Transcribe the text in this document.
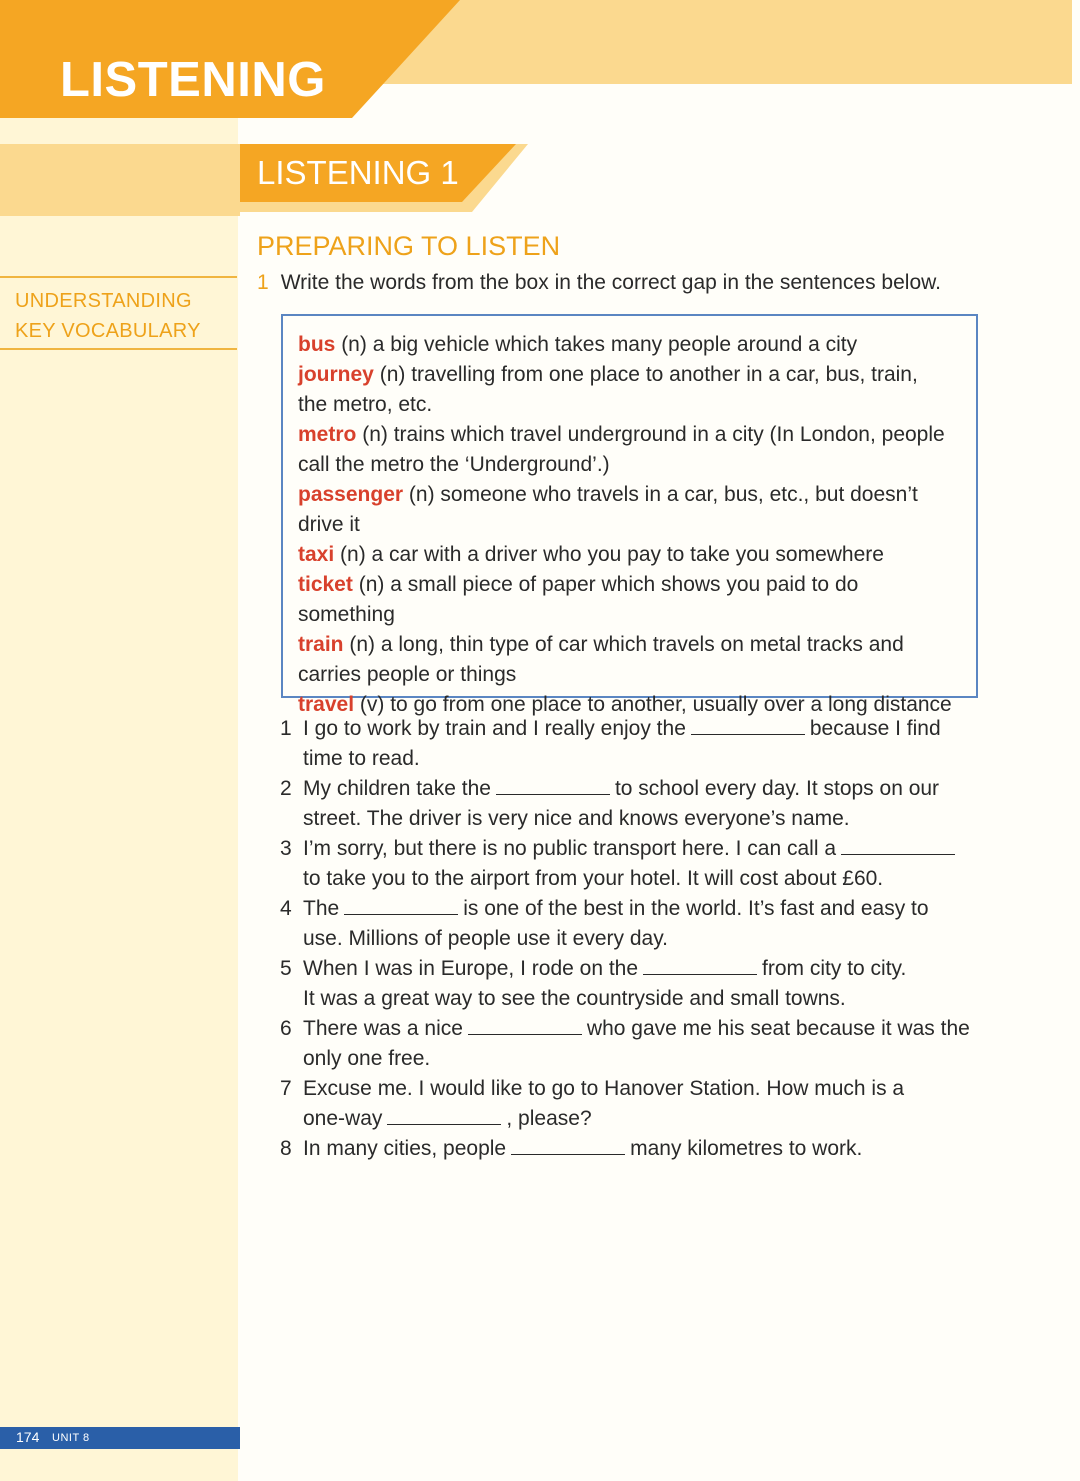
LISTENING
LISTENING 1
PREPARING TO LISTEN
UNDERSTANDING
KEY VOCABULARY
1 Write the words from the box in the correct gap in the sentences below.
bus (n) a big vehicle which takes many people around a city
journey (n) travelling from one place to another in a car, bus, train,
the metro, etc.
metro (n) trains which travel underground in a city (In London, people
call the metro the ‘Underground’.)
passenger (n) someone who travels in a car, bus, etc., but doesn’t
drive it
taxi (n) a car with a driver who you pay to take you somewhere
ticket (n) a small piece of paper which shows you paid to do something
train (n) a long, thin type of car which travels on metal tracks and
carries people or things
travel (v) to go from one place to another, usually over a long distance
1 I go to work by train and I really enjoy the	because I find
time to read.
2 My children take the	to school every day. It stops on our
street. The driver is very nice and knows everyone’s name.
3 I’m sorry, but there is no public transport here. I can call a
to take you to the airport from your hotel. It will cost about £60.
4 The	is one of the best in the world. It’s fast and easy to
use. Millions of people use it every day.
5 When I was in Europe, I rode on the	from city to city.
It was a great way to see the countryside and small towns.
6 There was a nice	who gave me his seat because it was the
only one free.
7 Excuse me. I would like to go to Hanover Station. How much is a
one-way	, please?
8 In many cities, people	many kilometres to work.
174 UNIT 8
